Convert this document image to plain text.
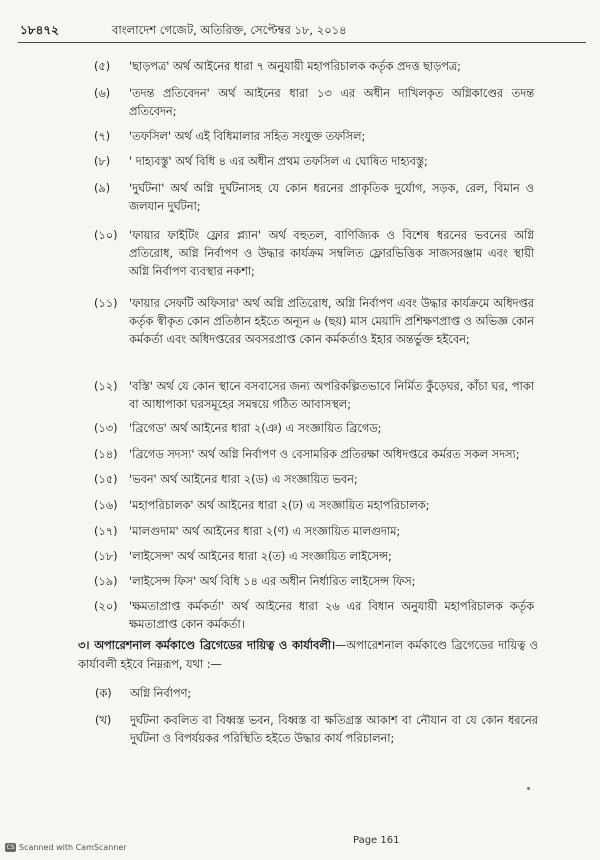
১৮৪৭২	বাংলাদেশ গেজেট, অতিরিক্ত, সেপ্টেম্বর ১৮, ২০১৪
(৫)	'ছাড়পত্র' অর্থ আইনের ধারা ৭ অনুযায়ী মহাপরিচালক কর্তৃক প্রদত্ত ছাড়পত্র;
(৬)	'তদন্ত প্রতিবেদন' অর্থ আইনের ধারা ১৩ এর অধীন দাখিলকৃত অগ্নিকাণ্ডের তদন্ত প্রতিবেদন;
(৭)	'তফসিল' অর্থ এই বিধিমালার সহিত সংযুক্ত তফসিল;
(৮)	' দাহ্যবস্তু' অর্থ বিধি ৪ এর অধীন প্রথম তফসিল এ ঘোষিত দাহ্যবস্তু;
(৯)	'দুর্ঘটনা' অর্থ অগ্নি দুর্ঘটনাসহ যে কোন ধরনের প্রাকৃতিক দুর্যোগ, সড়ক, রেল, বিমান ও জলযান দুর্ঘটনা;
(১০)	'ফায়ার ফাইটিং ফ্লোর প্ল্যান' অর্থ বহুতল, বাণিজ্যিক ও বিশেষ ধরনের ভবনের অগ্নি প্রতিরোধ, অগ্নি নির্বাপণ ও উদ্ধার কার্যক্রম সম্বলিত ফ্লোরভিত্তিক সাজসরঞ্জাম এবং স্থায়ী অগ্নি নির্বাপণ ব্যবস্থার নকশা;
(১১)	'ফায়ার সেফটি অফিসার' অর্থ অগ্নি প্রতিরোধ, অগ্নি নির্বাপণ এবং উদ্ধার কার্যক্রমে অধিদপ্তর কর্তৃক স্বীকৃত কোন প্রতিষ্ঠান হইতে অন্যূন ৬ (ছয়) মাস মেয়াদি প্রশিক্ষণপ্রাপ্ত ও অভিজ্ঞ কোন কর্মকর্তা এবং অধিদপ্তরের অবসরপ্রাপ্ত কোন কর্মকর্তাও ইহার অন্তর্ভুক্ত হইবেন;
(১২)	'বস্তি' অর্থ যে কোন স্থানে বসবাসের জন্য অপরিকল্পিতভাবে নির্মিত কুঁড়েঘর, কাঁচা ঘর, পাকা বা আধাপাকা ঘরসমূহের সমন্বয়ে গঠিত আবাসস্থল;
(১৩)	'ব্রিগেড' অর্থ আইনের ধারা ২(ঞ) এ সংজ্ঞায়িত ব্রিগেড;
(১৪)	'ব্রিগেড সদস্য' অর্থ অগ্নি নির্বাপণ ও বেসামরিক প্রতিরক্ষা অধিদপ্তরে কর্মরত সকল সদস্য;
(১৫)	'ভবন' অর্থ আইনের ধারা ২(ড) এ সংজ্ঞায়িত ভবন;
(১৬)	'মহাপরিচালক' অর্থ আইনের ধারা ২(ঢ) এ সংজ্ঞায়িত মহাপরিচালক;
(১৭)	'মালগুদাম' অর্থ আইনের ধারা ২(ণ) এ সংজ্ঞায়িত মালগুদাম;
(১৮)	'লাইসেন্স' অর্থ আইনের ধারা ২(ত) এ সংজ্ঞায়িত লাইসেন্স;
(১৯)	'লাইসেন্স ফিস' অর্থ বিধি ১৪ এর অধীন নির্ধারিত লাইসেন্স ফিস;
(২০)	'ক্ষমতাপ্রাপ্ত কর্মকর্তা' অর্থ আইনের ধারা ২৬ এর বিধান অনুযায়ী মহাপরিচালক কর্তৃক ক্ষমতাপ্রাপ্ত কোন কর্মকর্তা।
৩। অপারেশনাল কর্মকাণ্ডে ব্রিগেডের দায়িত্ব ও কার্যাবলী।—অপারেশনাল কর্মকাণ্ডে ব্রিগেডের দায়িত্ব ও কার্যাবলী হইবে নিম্নরূপ, যথা :—
(ক)	অগ্নি নির্বাপণ;
(খ)	দুর্ঘটনা কবলিত বা বিধ্বস্ত ভবন, বিধ্বস্ত বা ক্ষতিগ্রস্ত আকাশ বা নৌযান বা যে কোন ধরনের দুর্ঘটনা ও বিপর্যয়কর পরিস্থিতি হইতে উদ্ধার কার্য পরিচালনা;
Page 161
CS Scanned with CamScanner
